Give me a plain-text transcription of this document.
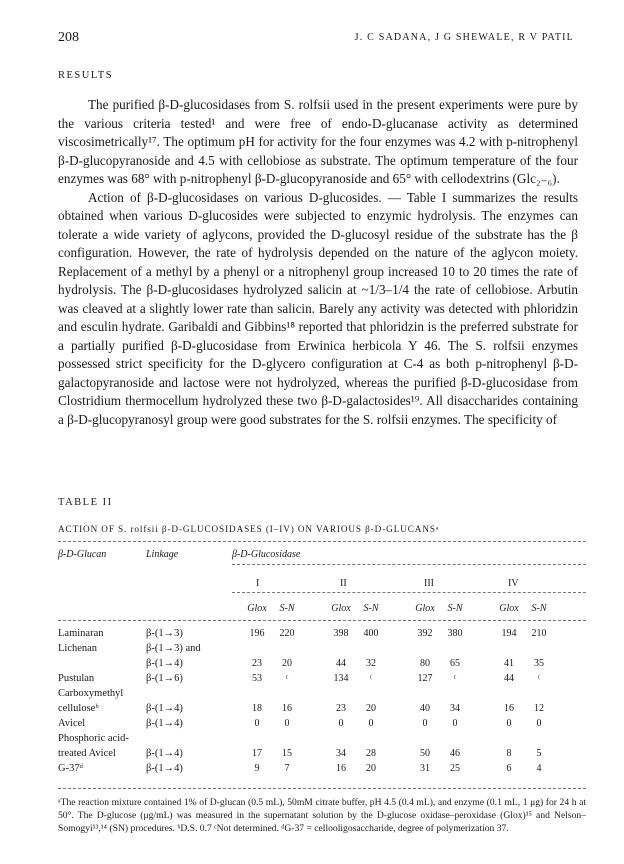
208	J. C SADANA, J G SHEWALE, R V PATIL
RESULTS

The purified β-D-glucosidases from S. rolfsii used in the present experiments were pure by the various criteria tested¹ and were free of endo-D-glucanase activity as determined viscosimetrically¹⁷. The optimum pH for activity for the four enzymes was 4.2 with p-nitrophenyl β-D-glucopyranoside and 4.5 with cellobiose as substrate. The optimum temperature of the four enzymes was 68° with p-nitrophenyl β-D-glucopyranoside and 65° with cellodextrins (Glc₂₋₆).

Action of β-D-glucosidases on various D-glucosides. — Table I summarizes the results obtained when various D-glucosides were subjected to enzymic hydrolysis. The enzymes can tolerate a wide variety of aglycons, provided the D-glucosyl residue of the substrate has the β configuration. However, the rate of hydrolysis depended on the nature of the aglycon moiety. Replacement of a methyl by a phenyl or a nitrophenyl group increased 10 to 20 times the rate of hydrolysis. The β-D-glucosidases hydrolyzed salicin at ~1/3–1/4 the rate of cellobiose. Arbutin was cleaved at a slightly lower rate than salicin. Barely any activity was detected with phloridzin and esculin hydrate. Garibaldi and Gibbins¹⁸ reported that phloridzin is the preferred substrate for a partially purified β-D-glucosidase from Erwinica herbicola Y 46. The S. rolfsii enzymes possessed strict specificity for the D-glycero configuration at C-4 as both p-nitrophenyl β-D-galactopyranoside and lactose were not hydrolyzed, whereas the purified β-D-glucosidase from Clostridium thermocellum hydrolyzed these two β-D-galactosides¹⁹. All disaccharides containing a β-D-glucopyranosyl group were good substrates for the S. rolfsii enzymes. The specificity of

TABLE II
ACTION OF S. rolfsii β-D-GLUCOSIDASES (I–IV) ON VARIOUS β-D-GLUCANSᵃ
β-D-Glucan	Linkage	β-D-Glucosidase
I	II	III	IV
Glox	S-N	Glox	S-N	Glox	S-N	Glox	S-N
Laminaran	β-(1→3)	196	220	398	400	392	380	194	210
Lichenan	β-(1→3) and
β-(1→4)	23	20	44	32	80	65	41	35
Pustulan	β-(1→6)	53	ᶜ	134	ᶜ	127	ᶜ	44	ᶜ
Carboxymethyl
celluloseᵇ	β-(1→4)	18	16	23	20	40	34	16	12
Avicel	β-(1→4)	0	0	0	0	0	0	0	0
Phosphoric acid-
treated Avicel	β-(1→4)	17	15	34	28	50	46	8	5
G-37ᵈ	β-(1→4)	9	7	16	20	31	25	6	4

ᵃThe reaction mixture contained 1% of D-glucan (0.5 mL), 50mM citrate buffer, pH 4.5 (0.4 mL), and enzyme (0.1 mL, 1 μg) for 24 h at 50°. The D-glucose (μg/mL) was measured in the supernatant solution by the D-glucose oxidase–peroxidase (Glox)¹⁵ and Nelson–Somogyi¹³,¹⁴ (SN) procedures. ᵇD.S. 0.7 ᶜNot determined. ᵈG-37 = cellooligosaccharide, degree of polymerization 37.
